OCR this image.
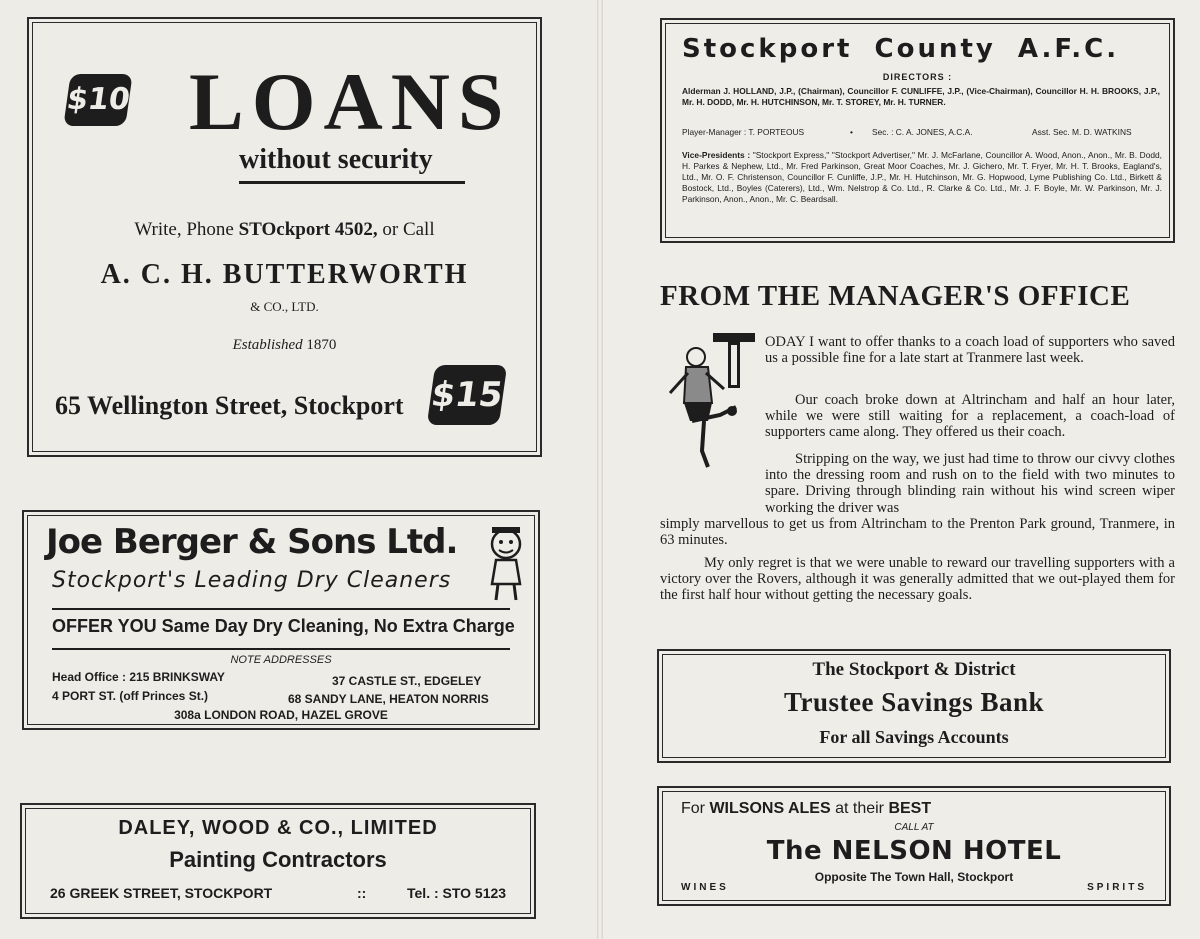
$10 LOANS
without security
Write, Phone STOckport 4502, or Call
A. C. H. BUTTERWORTH
& CO., LTD.
Established 1870
65 Wellington Street, Stockport $15
Joe Berger & Sons Ltd.
Stockport's Leading Dry Cleaners
OFFER YOU Same Day Dry Cleaning, No Extra Charge
NOTE ADDRESSES
Head Office : 215 BRINKSWAY	37 CASTLE ST., EDGELEY
4 PORT ST. (off Princes St.)	68 SANDY LANE, HEATON NORRIS
308a LONDON ROAD, HAZEL GROVE
DALEY, WOOD & CO., LIMITED
Painting Contractors
26 GREEK STREET, STOCKPORT	::	Tel. : STO 5123
Stockport County A.F.C.
DIRECTORS :
Alderman J. HOLLAND, J.P., (Chairman), Councillor F. CUNLIFFE, J.P., (Vice-Chairman), Councillor H. H. BROOKS, J.P., Mr. H. DODD, Mr. H. HUTCHINSON, Mr. T. STOREY, Mr. H. TURNER.
Player-Manager : T. PORTEOUS	• Sec. : C. A. JONES, A.C.A.	Asst. Sec. M. D. WATKINS
Vice-Presidents : "Stockport Express," "Stockport Advertiser," Mr. J. McFarlane, Councillor A. Wood, Anon., Anon., Mr. B. Dodd, H. Parkes & Nephew, Ltd., Mr. Fred Parkinson, Great Moor Coaches, Mr. J. Gichero, Mr. T. Fryer, Mr. H. T. Brooks, Eagland's, Ltd., Mr. O. F. Christenson, Councillor F. Cunliffe, J.P., Mr. H. Hutchinson, Mr. G. Hopwood, Lyme Publishing Co. Ltd., Birkett & Bostock, Ltd., Boyles (Caterers), Ltd., Wm. Nelstrop & Co. Ltd., R. Clarke & Co. Ltd., Mr. J. F. Boyle, Mr. W. Parkinson, Mr. J. Parkinson, Anon., Anon., Mr. C. Beardsall.
FROM THE MANAGER'S OFFICE
ODAY I want to offer thanks to a coach load of supporters who saved us a possible fine for a late start at Tranmere last week.
Our coach broke down at Altrincham and half an hour later, while we were still waiting for a replacement, a coach-load of supporters came along. They offered us their coach.
Stripping on the way, we just had time to throw our civvy clothes into the dressing room and rush on to the field with two minutes to spare. Driving through blinding rain without his wind screen wiper working the driver was
simply marvellous to get us from Altrincham to the Prenton Park ground, Tranmere, in 63 minutes.
My only regret is that we were unable to reward our travelling supporters with a victory over the Rovers, although it was generally admitted that we out-played them for the first half hour without getting the necessary goals.
The Stockport & District
Trustee Savings Bank
For all Savings Accounts
For WILSONS ALES at their BEST
CALL AT
The NELSON HOTEL
Opposite The Town Hall, Stockport
WINES	SPIRITS
